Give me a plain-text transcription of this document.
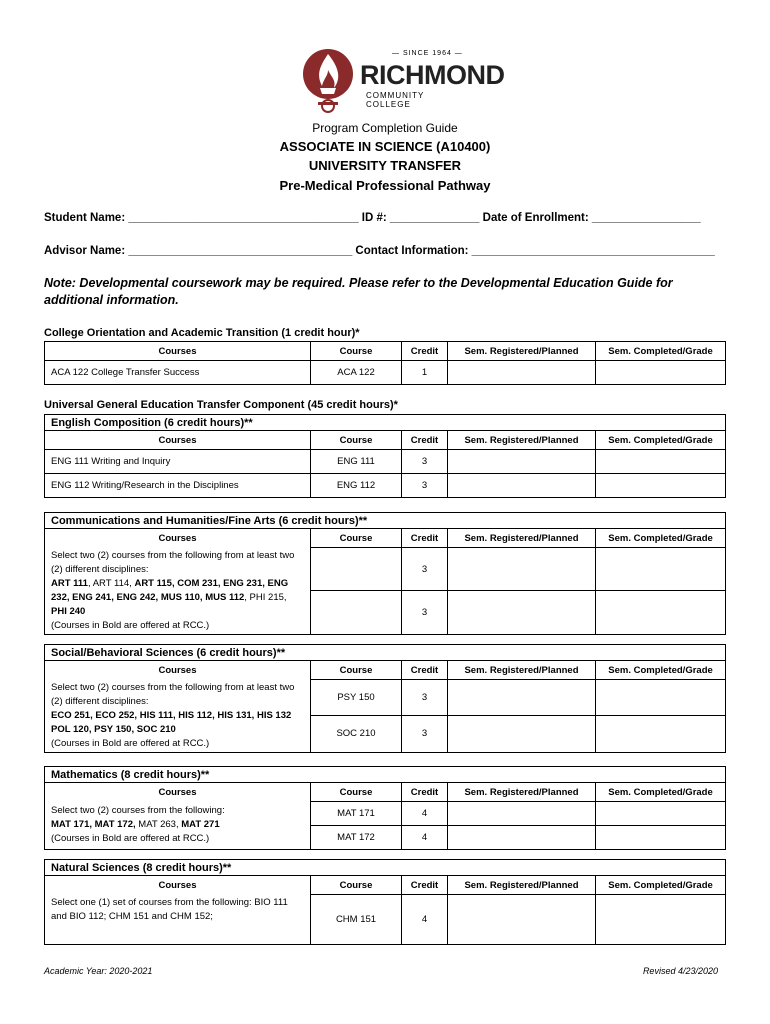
— SINCE 1964 —
RICHMOND
COMMUNITY COLLEGE
Program Completion Guide
ASSOCIATE IN SCIENCE (A10400)
UNIVERSITY TRANSFER
Pre-Medical Professional Pathway
Student Name: ____________________________________ ID #: ______________ Date of Enrollment: _________________
Advisor Name: ___________________________________ Contact Information: ______________________________________
Note: Developmental coursework may be required. Please refer to the Developmental Education Guide for additional information.
College Orientation and Academic Transition (1 credit hour)*
Courses	Course	Credit	Sem. Registered/Planned	Sem. Completed/Grade
ACA 122 College Transfer Success	ACA 122	1		
Universal General Education Transfer Component (45 credit hours)*
English Composition (6 credit hours)**				
Courses	Course	Credit	Sem. Registered/Planned	Sem. Completed/Grade
ENG 111 Writing and Inquiry	ENG 111	3		
ENG 112 Writing/Research in the Disciplines	ENG 112	3		
Communications and Humanities/Fine Arts (6 credit hours)**				
Courses	Course	Credit	Sem. Registered/Planned	Sem. Completed/Grade
Select two (2) courses from the following from at least two (2) different disciplines:
ART 111, ART 114, ART 115, COM 231, ENG 231, ENG 232, ENG 241, ENG 242, MUS 110, MUS 112, PHI 215, PHI 240
(Courses in Bold are offered at RCC.)		3		
		3		
Social/Behavioral Sciences (6 credit hours)**				
Courses	Course	Credit	Sem. Registered/Planned	Sem. Completed/Grade
Select two (2) courses from the following from at least two (2) different disciplines:
ECO 251, ECO 252, HIS 111, HIS 112, HIS 131, HIS 132 POL 120, PSY 150, SOC 210
(Courses in Bold are offered at RCC.)	PSY 150	3		
	SOC 210	3		
Mathematics (8 credit hours)**				
Courses	Course	Credit	Sem. Registered/Planned	Sem. Completed/Grade
Select two (2) courses from the following:
MAT 171, MAT 172, MAT 263, MAT 271
(Courses in Bold are offered at RCC.)	MAT 171	4		
	MAT 172	4		
Natural Sciences (8 credit hours)**				
Courses	Course	Credit	Sem. Registered/Planned	Sem. Completed/Grade
Select one (1) set of courses from the following: BIO 111 and BIO 112; CHM 151 and CHM 152;	CHM 151	4		
Academic Year: 2020-2021	Revised 4/23/2020
